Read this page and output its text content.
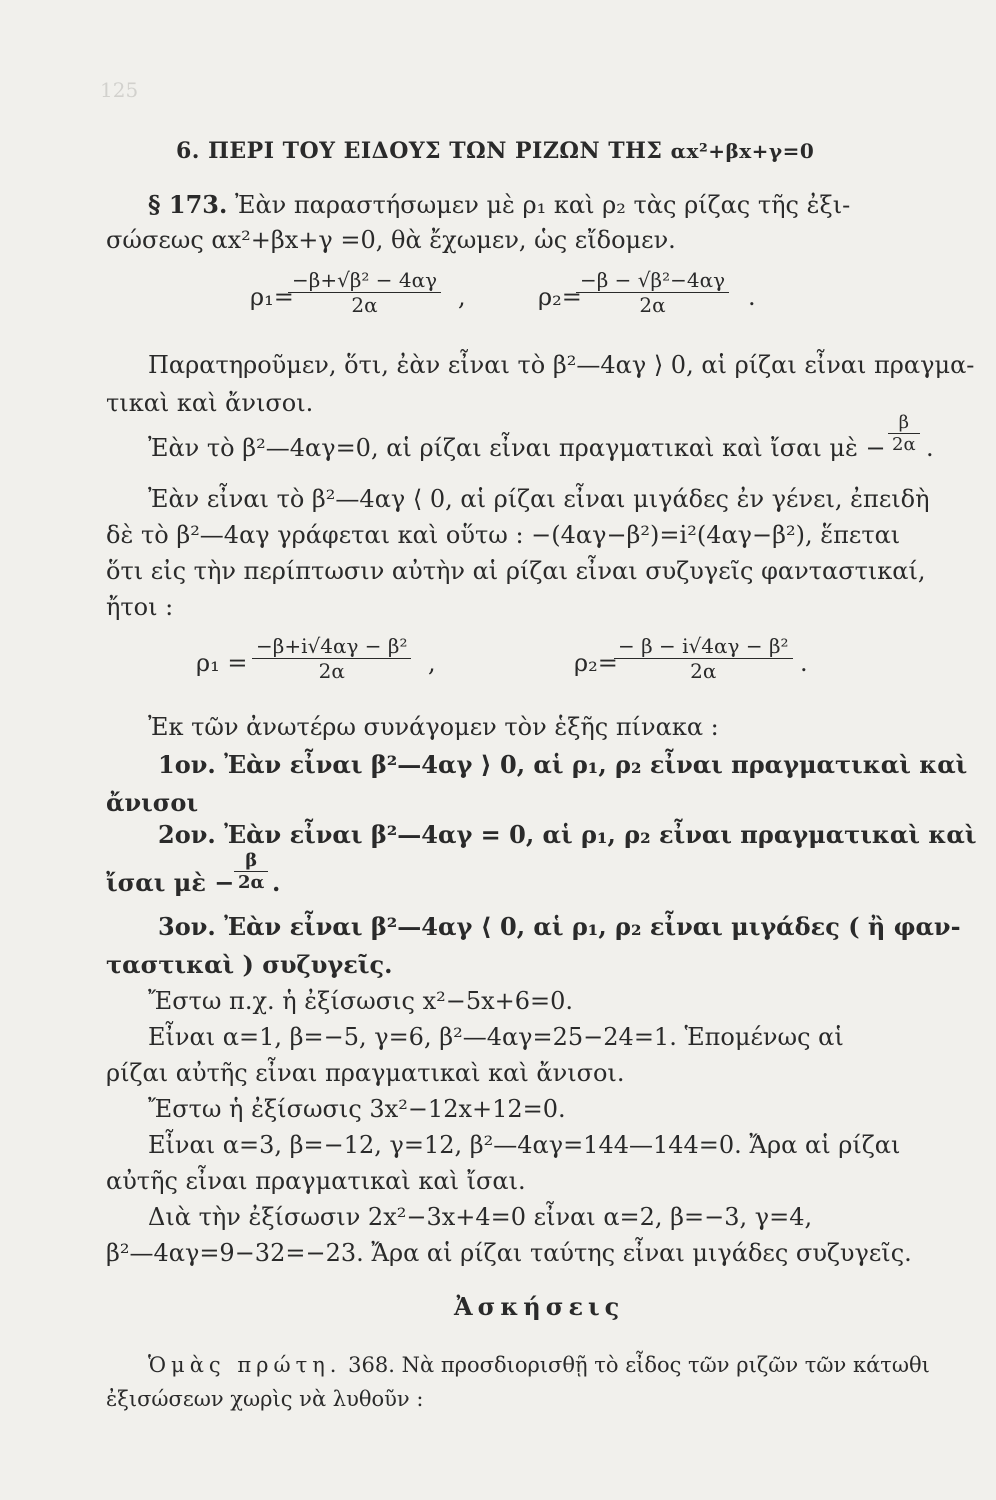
125
6. ΠΕΡΙ ΤΟΥ ΕΙΔΟΥΣ ΤΩΝ ΡΙΖΩΝ ΤΗΣ αx²+βx+γ=0
§ 173. Ἐὰν παραστήσωμεν μὲ ρ₁ καὶ ρ₂ τὰς ρίζας τῆς ἐξι-
σώσεως αx²+βx+γ =0, θὰ ἔχωμεν, ὡς εἴδομεν.
ρ₁=
−β+√β² − 4αγ
2α	,	ρ₂=
−β − √β²−4αγ
2α	.
Παρατηροῦμεν, ὅτι, ἐὰν εἶναι τὸ β²—4αγ ⟩ 0, αἱ ρίζαι εἶναι πραγμα-
τικαὶ καὶ ἄνισοι.
Ἐὰν τὸ β²—4αγ=0, αἱ ρίζαι εἶναι πραγματικαὶ καὶ ἴσαι μὲ −
β
2α .
Ἐὰν εἶναι τὸ β²—4αγ ⟨ 0, αἱ ρίζαι εἶναι μιγάδες ἐν γένει, ἐπειδὴ
δὲ τὸ β²—4αγ γράφεται καὶ οὕτω : −(4αγ−β²)=i²(4αγ−β²), ἕπεται
ὅτι εἰς τὴν περίπτωσιν αὐτὴν αἱ ρίζαι εἶναι συζυγεῖς φανταστικαί,
ἤτοι :
ρ₁ =
−β+i√4αγ − β²
2α	,	ρ₂=
− β − i√4αγ − β²
2α	.
Ἐκ τῶν ἀνωτέρω συνάγομεν τὸν ἑξῆς πίνακα :
1ον. Ἐὰν εἶναι β²—4αγ ⟩ 0, αἱ ρ₁, ρ₂ εἶναι πραγματικαὶ καὶ
ἄνισοι
2ον. Ἐὰν εἶναι β²—4αγ = 0, αἱ ρ₁, ρ₂ εἶναι πραγματικαὶ καὶ
ἴσαι μὲ −
β
2α .
3ον. Ἐὰν εἶναι β²—4αγ ⟨ 0, αἱ ρ₁, ρ₂ εἶναι μιγάδες ( ἢ φαν-
ταστικαὶ ) συζυγεῖς.
Ἔστω π.χ. ἡ ἐξίσωσις x²−5x+6=0.
Εἶναι α=1, β=−5, γ=6, β²—4αγ=25−24=1. Ἑπομένως αἱ
ρίζαι αὐτῆς εἶναι πραγματικαὶ καὶ ἄνισοι.
Ἔστω ἡ ἐξίσωσις 3x²−12x+12=0.
Εἶναι α=3, β=−12, γ=12, β²—4αγ=144—144=0. Ἄρα αἱ ρίζαι
αὐτῆς εἶναι πραγματικαὶ καὶ ἴσαι.
Διὰ τὴν ἐξίσωσιν 2x²−3x+4=0 εἶναι α=2, β=−3, γ=4,
β²—4αγ=9−32=−23. Ἄρα αἱ ρίζαι ταύτης εἶναι μιγάδες συζυγεῖς.
Ἀσκήσεις
Ὁμὰς πρώτη. 368. Νὰ προσδιορισθῇ τὸ εἶδος τῶν ριζῶν τῶν κάτωθι
ἐξισώσεων χωρὶς νὰ λυθοῦν :
